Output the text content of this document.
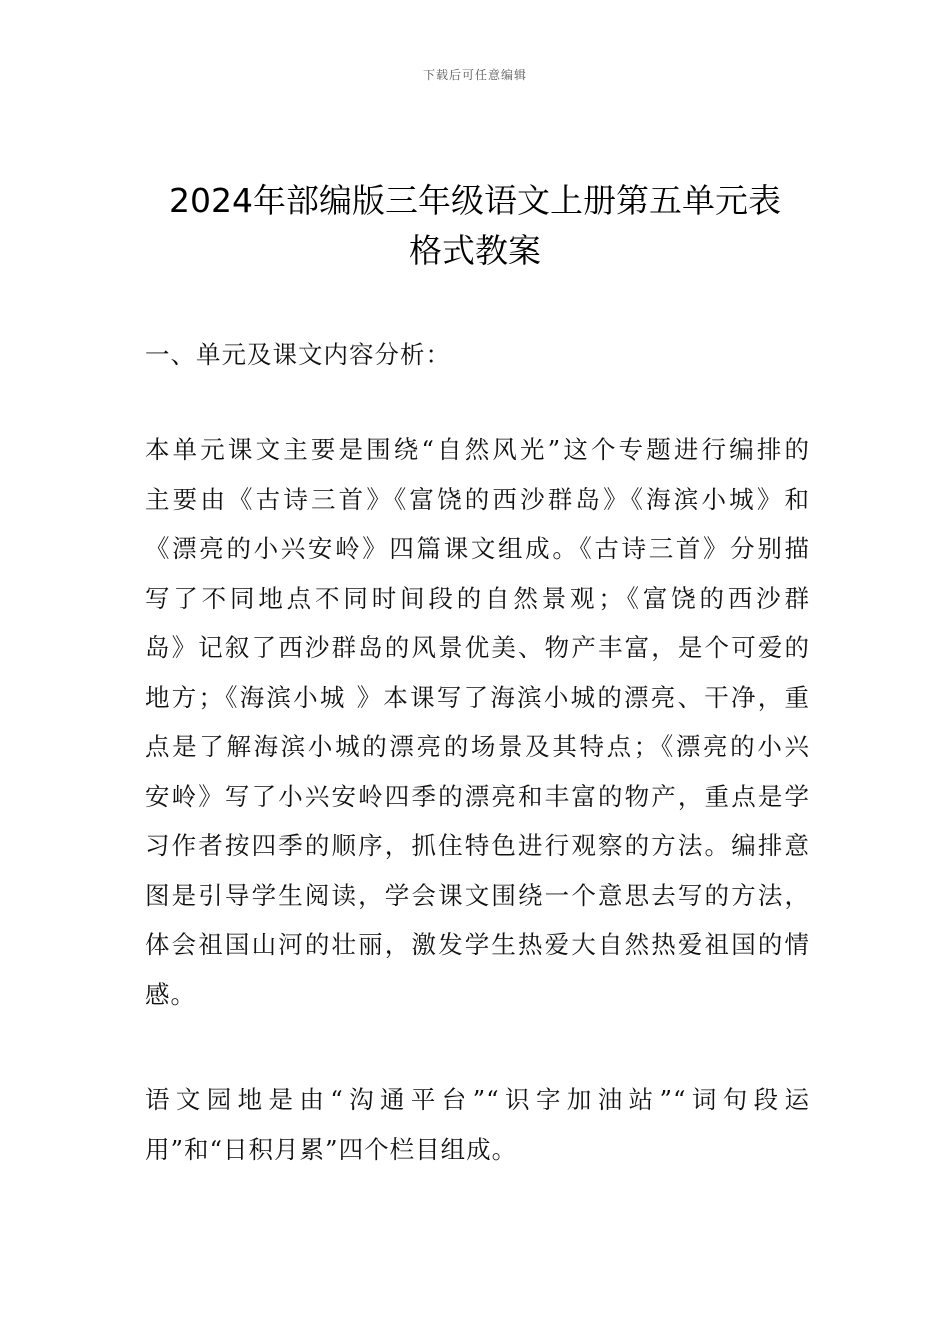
下载后可任意编辑
2024年部编版三年级语文上册第五单元表
格式教案

一、单元及课文内容分析：

本单元课文主要是围绕“自然风光”这个专题进行编排的
主要由《古诗三首》《富饶的西沙群岛》《海滨小城》和
《漂亮的小兴安岭》四篇课文组成。《古诗三首》分别描
写了不同地点不同时间段的自然景观；《富饶的西沙群
岛》记叙了西沙群岛的风景优美、物产丰富，是个可爱的
地方；《海滨小城 》本课写了海滨小城的漂亮、干净，重
点是了解海滨小城的漂亮的场景及其特点；《漂亮的小兴
安岭》写了小兴安岭四季的漂亮和丰富的物产，重点是学
习作者按四季的顺序，抓住特色进行观察的方法。编排意
图是引导学生阅读，学会课文围绕一个意思去写的方法，
体会祖国山河的壮丽，激发学生热爱大自然热爱祖国的情
感。
语文园地是由“沟通平台”“识字加油站”“词句段运
用”和“日积月累”四个栏目组成。
